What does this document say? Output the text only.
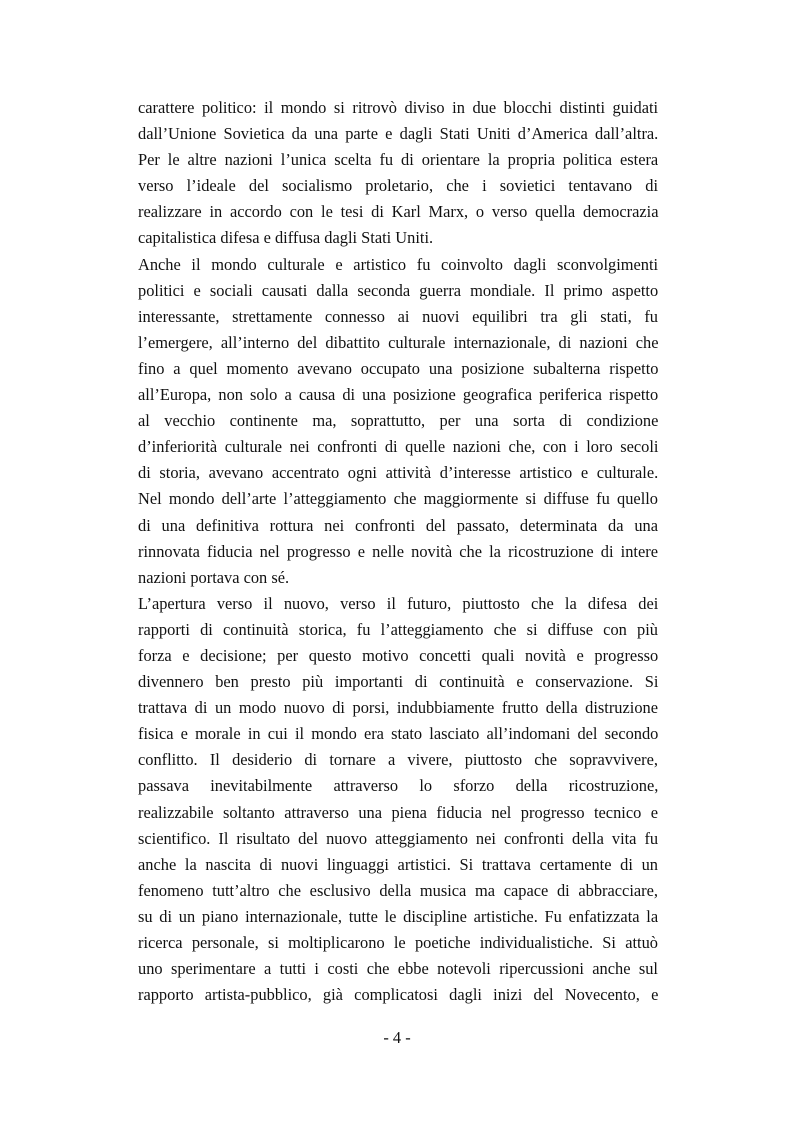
carattere politico: il mondo si ritrovò diviso in due blocchi distinti guidati
dall’Unione Sovietica da una parte e dagli Stati Uniti d’America dall’altra.
Per le altre nazioni l’unica scelta fu di orientare la propria politica estera
verso l’ideale del socialismo proletario, che i sovietici tentavano di
realizzare in accordo con le tesi di Karl Marx, o verso quella democrazia
capitalistica difesa e diffusa dagli Stati Uniti.
Anche il mondo culturale e artistico fu coinvolto dagli sconvolgimenti
politici e sociali causati dalla seconda guerra mondiale. Il primo aspetto
interessante, strettamente connesso ai nuovi equilibri tra gli stati, fu
l’emergere, all’interno del dibattito culturale internazionale, di nazioni che
fino a quel momento avevano occupato una posizione subalterna rispetto
all’Europa, non solo a causa di una posizione geografica periferica rispetto
al vecchio continente ma, soprattutto, per una sorta di condizione
d’inferiorità culturale nei confronti di quelle nazioni che, con i loro secoli
di storia, avevano accentrato ogni attività d’interesse artistico e culturale.
Nel mondo dell’arte l’atteggiamento che maggiormente si diffuse fu quello
di una definitiva rottura nei confronti del passato, determinata da una
rinnovata fiducia nel progresso e nelle novità che la ricostruzione di intere
nazioni portava con sé.
L’apertura verso il nuovo, verso il futuro, piuttosto che la difesa dei
rapporti di continuità storica, fu l’atteggiamento che si diffuse con più
forza e decisione; per questo motivo concetti quali novità e progresso
divennero ben presto più importanti di continuità e conservazione. Si
trattava di un modo nuovo di porsi, indubbiamente frutto della distruzione
fisica e morale in cui il mondo era stato lasciato all’indomani del secondo
conflitto. Il desiderio di tornare a vivere, piuttosto che sopravvivere,
passava inevitabilmente attraverso lo sforzo della ricostruzione,
realizzabile soltanto attraverso una piena fiducia nel progresso tecnico e
scientifico. Il risultato del nuovo atteggiamento nei confronti della vita fu
anche la nascita di nuovi linguaggi artistici. Si trattava certamente di un
fenomeno tutt’altro che esclusivo della musica ma capace di abbracciare,
su di un piano internazionale, tutte le discipline artistiche. Fu enfatizzata la
ricerca personale, si moltiplicarono le poetiche individualistiche. Si attuò
uno sperimentare a tutti i costi che ebbe notevoli ripercussioni anche sul
rapporto artista-pubblico, già complicatosi dagli inizi del Novecento, e
- 4 -
